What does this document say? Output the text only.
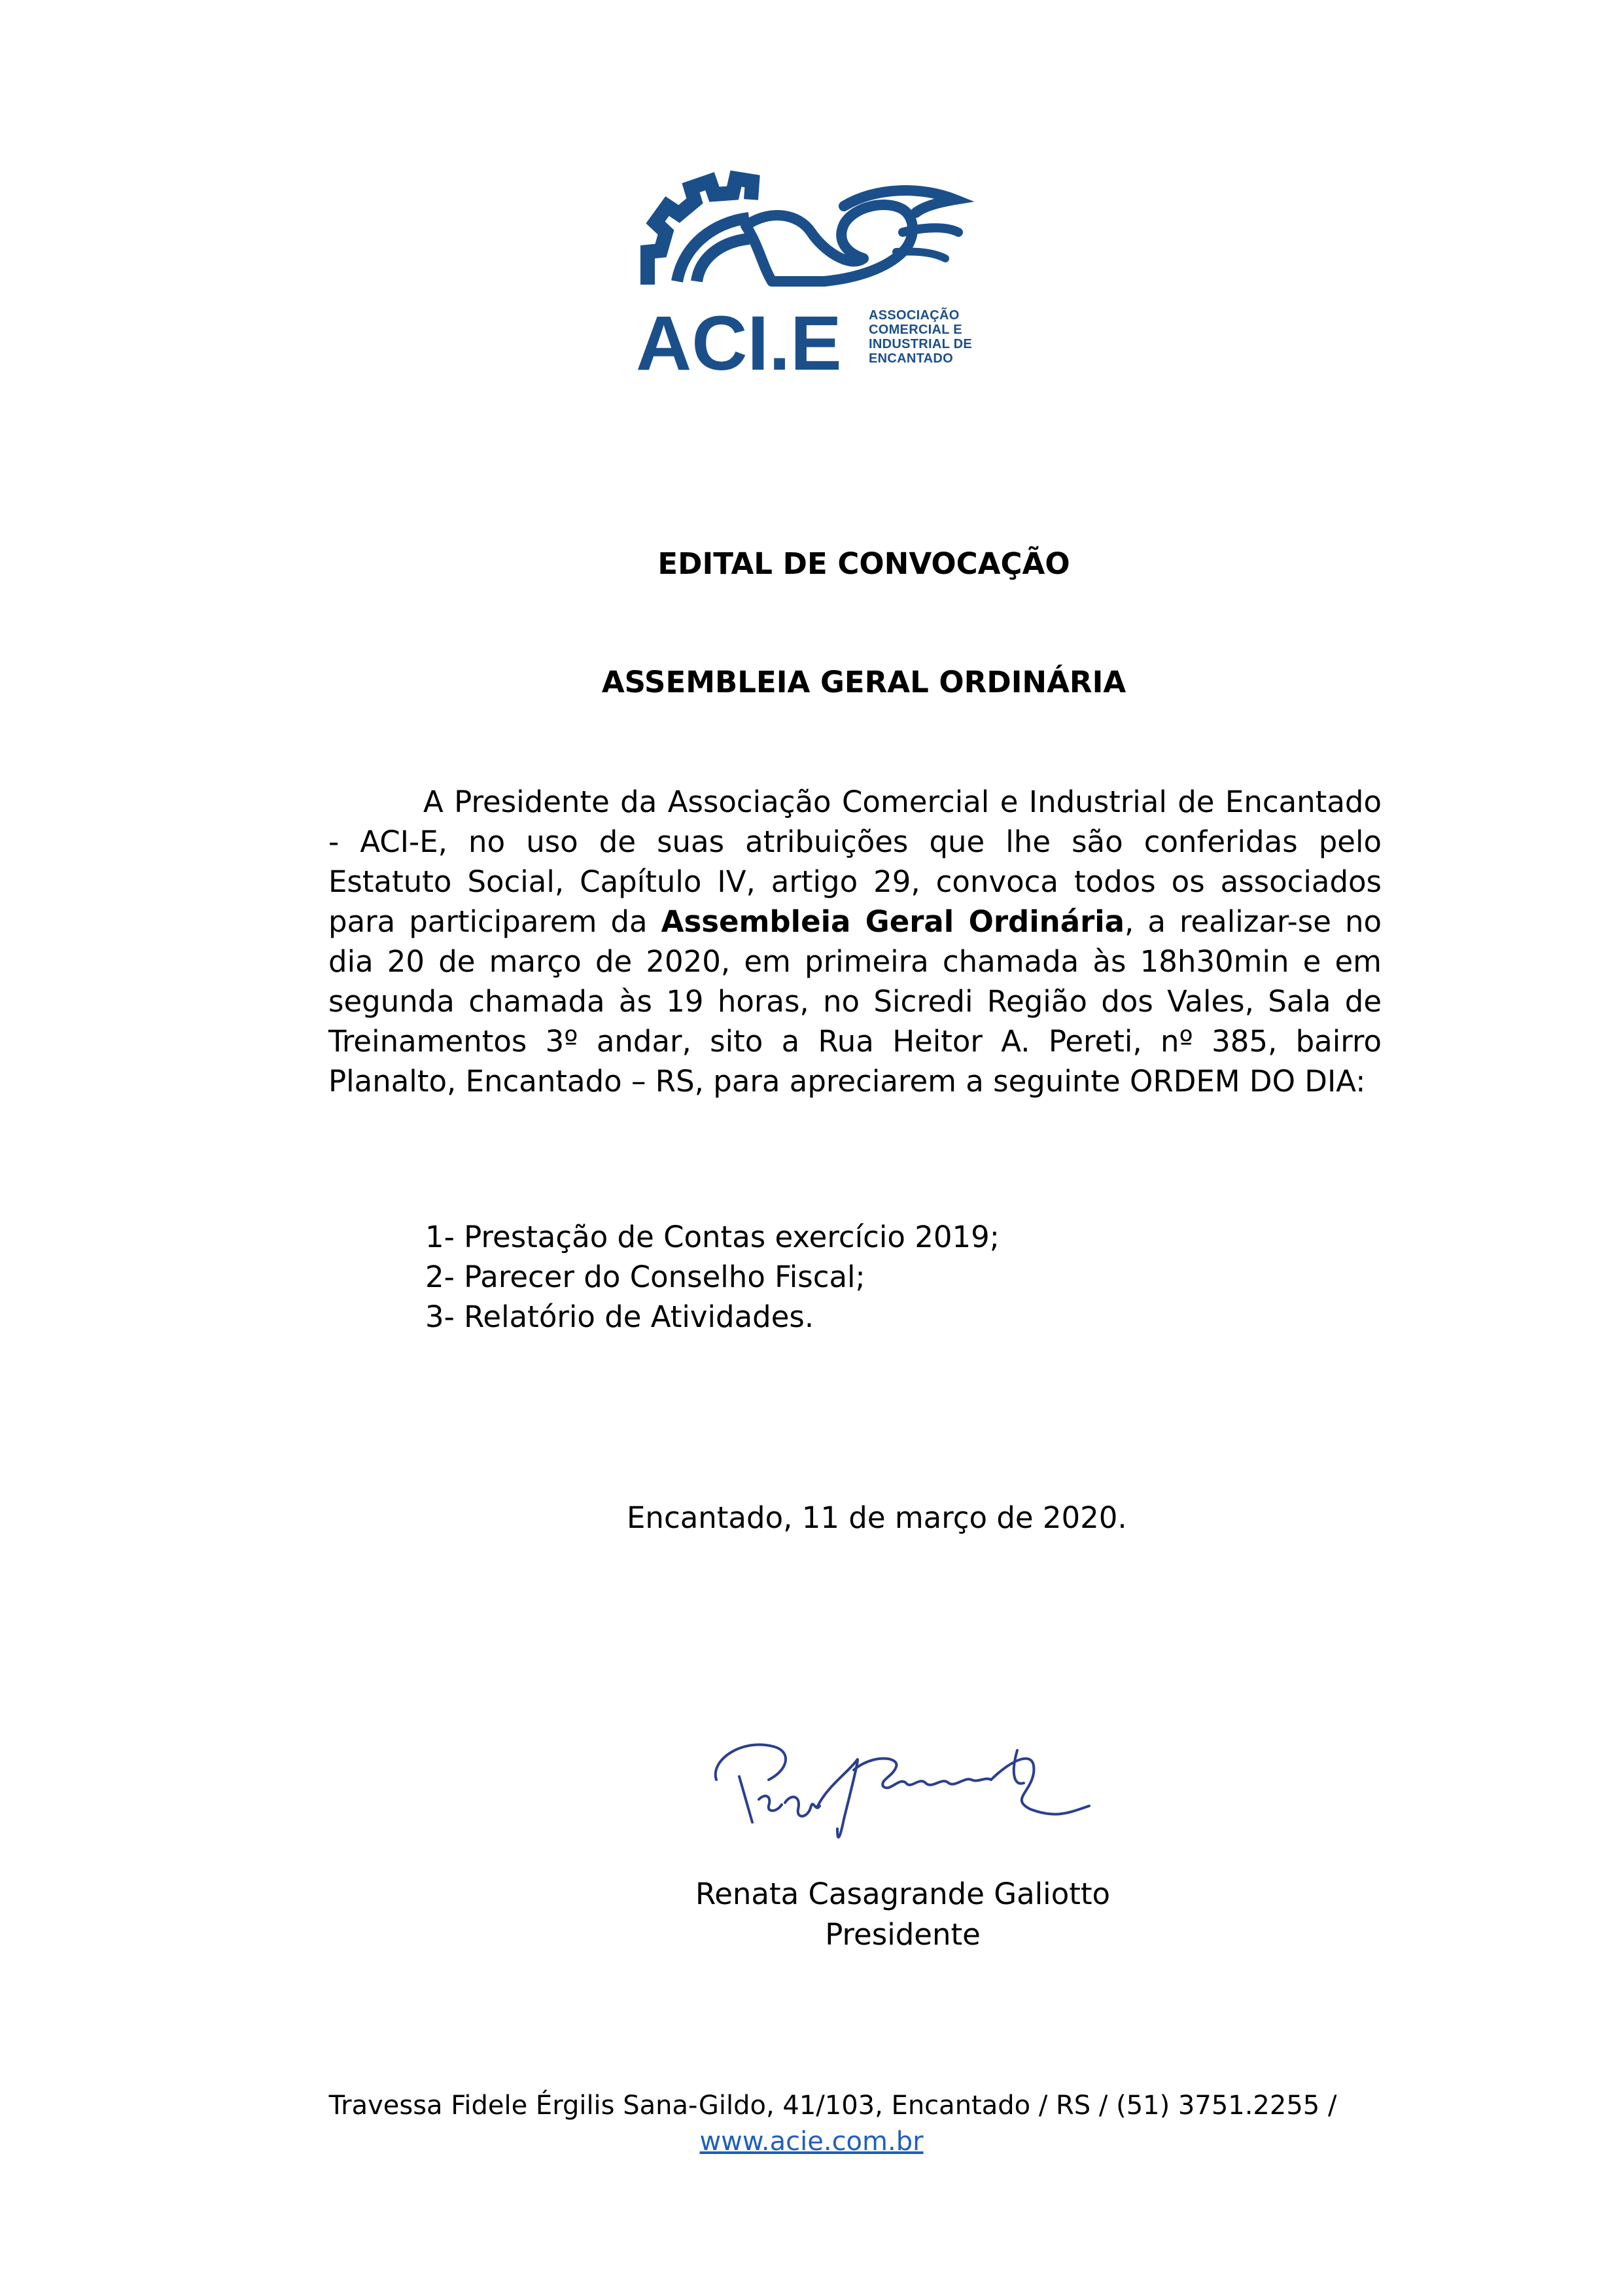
ACI.E ASSOCIAÇÃO
COMERCIAL E
INDUSTRIAL DE
ENCANTADO
EDITAL DE CONVOCAÇÃO
ASSEMBLEIA GERAL ORDINÁRIA

A Presidente da Associação Comercial e Industrial de Encantado - ACI-E, no uso de suas atribuições que lhe são conferidas pelo Estatuto Social, Capítulo IV, artigo 29, convoca todos os associados para participarem da Assembleia Geral Ordinária, a realizar-se no dia 20 de março de 2020, em primeira chamada às 18h30min e em segunda chamada às 19 horas, no Sicredi Região dos Vales, Sala de Treinamentos 3º andar, sito a Rua Heitor A. Pereti, nº 385, bairro Planalto, Encantado – RS, para apreciarem a seguinte ORDEM DO DIA:

1- Prestação de Contas exercício 2019;
2- Parecer do Conselho Fiscal;
3- Relatório de Atividades.

Encantado, 11 de março de 2020.

Renata Casagrande Galiotto

Presidente

Travessa Fidele Érgilis Sana-Gildo, 41/103, Encantado / RS / (51) 3751.2255 /

www.acie.com.br
